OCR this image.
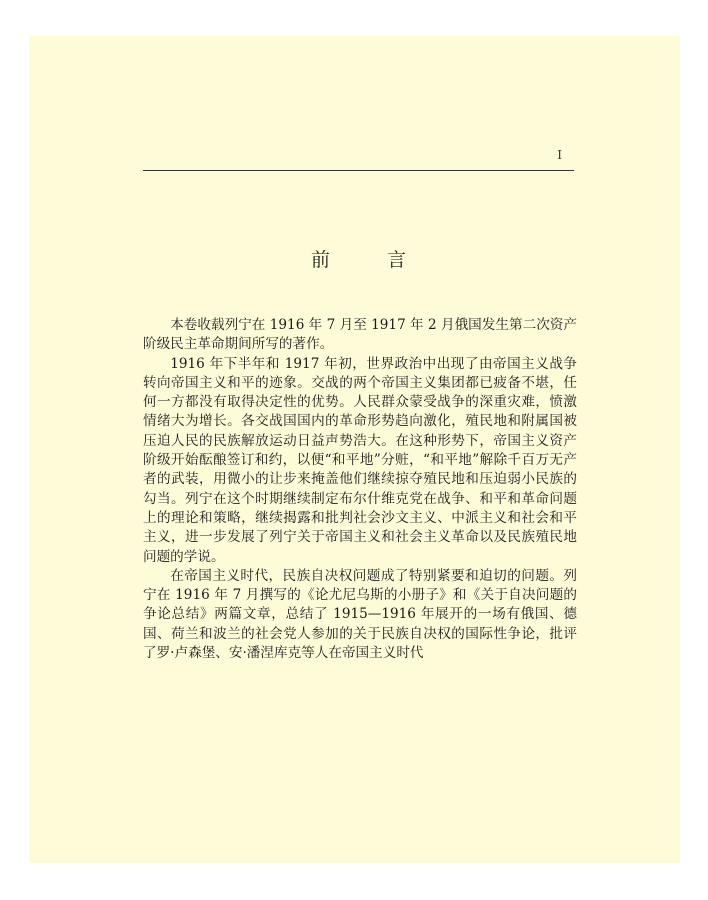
I
前	言

本卷收载列宁在 1916 年 7 月至 1917 年 2 月俄国发生第二次资产阶级民主革命期间所写的著作。

1916 年下半年和 1917 年初，世界政治中出现了由帝国主义战争转向帝国主义和平的迹象。交战的两个帝国主义集团都已疲备不堪，任何一方都没有取得决定性的优势。人民群众蒙受战争的深重灾难，愤激情绪大为增长。各交战国国内的革命形势趋向激化，殖民地和附属国被压迫人民的民族解放运动日益声势浩大。在这种形势下，帝国主义资产阶级开始酝酿签订和约，以便“和平地”分赃，“和平地”解除千百万无产者的武装，用微小的让步来掩盖他们继续掠夺殖民地和压迫弱小民族的勾当。列宁在这个时期继续制定布尔什维克党在战争、和平和革命问题上的理论和策略，继续揭露和批判社会沙文主义、中派主义和社会和平主义，进一步发展了列宁关于帝国主义和社会主义革命以及民族殖民地问题的学说。

在帝国主义时代，民族自决权问题成了特别紧要和迫切的问题。列宁在 1916 年 7 月撰写的《论尤尼乌斯的小册子》和《关于自决问题的争论总结》两篇文章，总结了 1915—1916 年展开的一场有俄国、德国、荷兰和波兰的社会党人参加的关于民族自决权的国际性争论，批评了罗·卢森堡、安·潘涅库克等人在帝国主义时代
